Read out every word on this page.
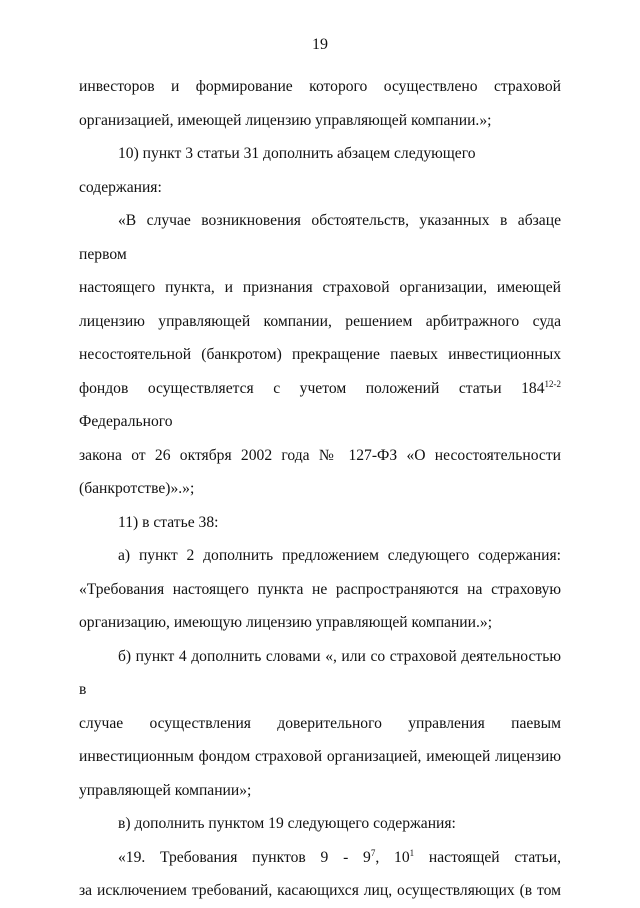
19

инвесторов и формирование которого осуществлено страховой

организацией, имеющей лицензию управляющей компании.»;

10) пункт 3 статьи 31 дополнить абзацем следующего содержания:

«В случае возникновения обстоятельств, указанных в абзаце первом

настоящего пункта, и признания страховой организации, имеющей

лицензию управляющей компании, решением арбитражного суда

несостоятельной (банкротом) прекращение паевых инвестиционных

фондов осуществляется с учетом положений статьи 184$^{12-2}$ Федерального

закона от 26 октября 2002 года № 127-ФЗ «О несостоятельности

(банкротстве)».»;

11) в статье 38:

а) пункт 2 дополнить предложением следующего содержания:

«Требования настоящего пункта не распространяются на страховую

организацию, имеющую лицензию управляющей компании.»;

б) пункт 4 дополнить словами «, или со страховой деятельностью в

случае осуществления доверительного управления паевым

инвестиционным фондом страховой организацией, имеющей лицензию

управляющей компании»;

в) дополнить пунктом 19 следующего содержания:

«19. Требования пунктов $9 - 9^7$, $10^1$ настоящей статьи,

за исключением требований, касающихся лиц, осуществляющих (в том
